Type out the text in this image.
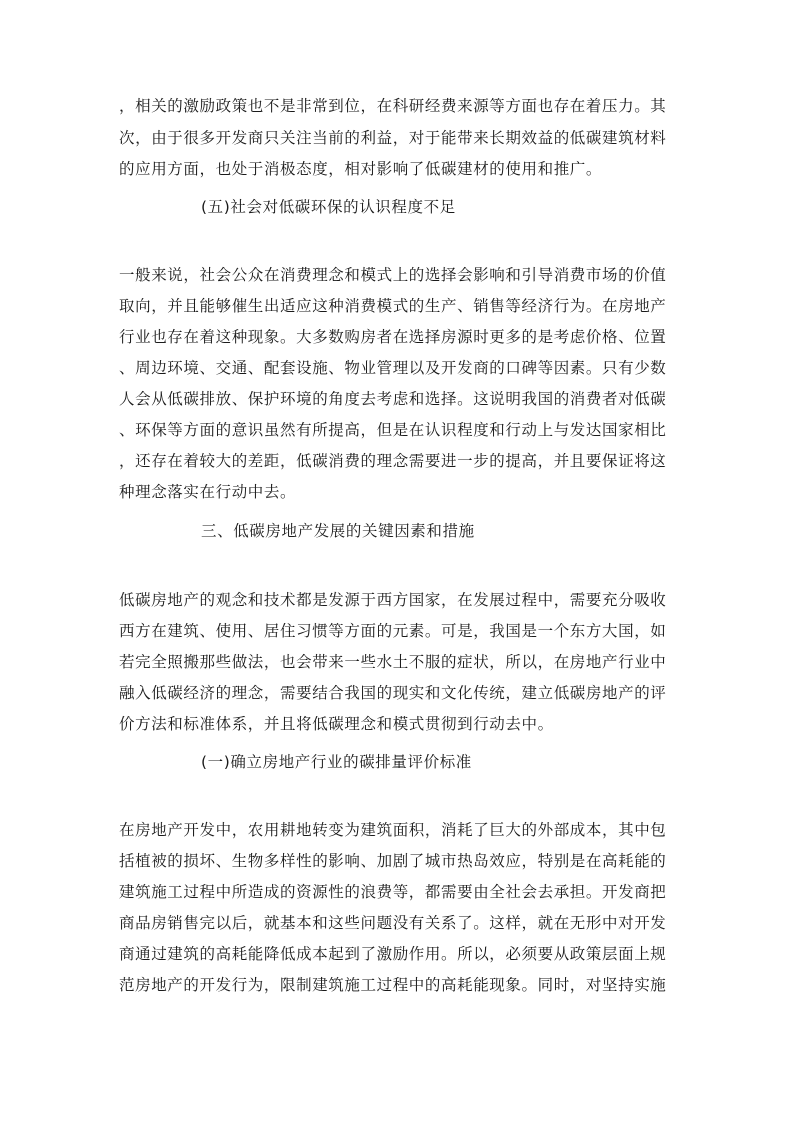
，相关的激励政策也不是非常到位，在科研经费来源等方面也存在着压力。其
次，由于很多开发商只关注当前的利益，对于能带来长期效益的低碳建筑材料
的应用方面，也处于消极态度，相对影响了低碳建材的使用和推广。
(五)社会对低碳环保的认识程度不足
一般来说，社会公众在消费理念和模式上的选择会影响和引导消费市场的价值
取向，并且能够催生出适应这种消费模式的生产、销售等经济行为。在房地产
行业也存在着这种现象。大多数购房者在选择房源时更多的是考虑价格、位置
、周边环境、交通、配套设施、物业管理以及开发商的口碑等因素。只有少数
人会从低碳排放、保护环境的角度去考虑和选择。这说明我国的消费者对低碳
、环保等方面的意识虽然有所提高，但是在认识程度和行动上与发达国家相比
，还存在着较大的差距，低碳消费的理念需要进一步的提高，并且要保证将这
种理念落实在行动中去。
三、低碳房地产发展的关键因素和措施
低碳房地产的观念和技术都是发源于西方国家，在发展过程中，需要充分吸收
西方在建筑、使用、居住习惯等方面的元素。可是，我国是一个东方大国，如
若完全照搬那些做法，也会带来一些水土不服的症状，所以，在房地产行业中
融入低碳经济的理念，需要结合我国的现实和文化传统，建立低碳房地产的评
价方法和标准体系，并且将低碳理念和模式贯彻到行动去中。
(一)确立房地产行业的碳排量评价标准
在房地产开发中，农用耕地转变为建筑面积，消耗了巨大的外部成本，其中包
括植被的损坏、生物多样性的影响、加剧了城市热岛效应，特别是在高耗能的
建筑施工过程中所造成的资源性的浪费等，都需要由全社会去承担。开发商把
商品房销售完以后，就基本和这些问题没有关系了。这样，就在无形中对开发
商通过建筑的高耗能降低成本起到了激励作用。所以，必须要从政策层面上规
范房地产的开发行为，限制建筑施工过程中的高耗能现象。同时，对坚持实施
